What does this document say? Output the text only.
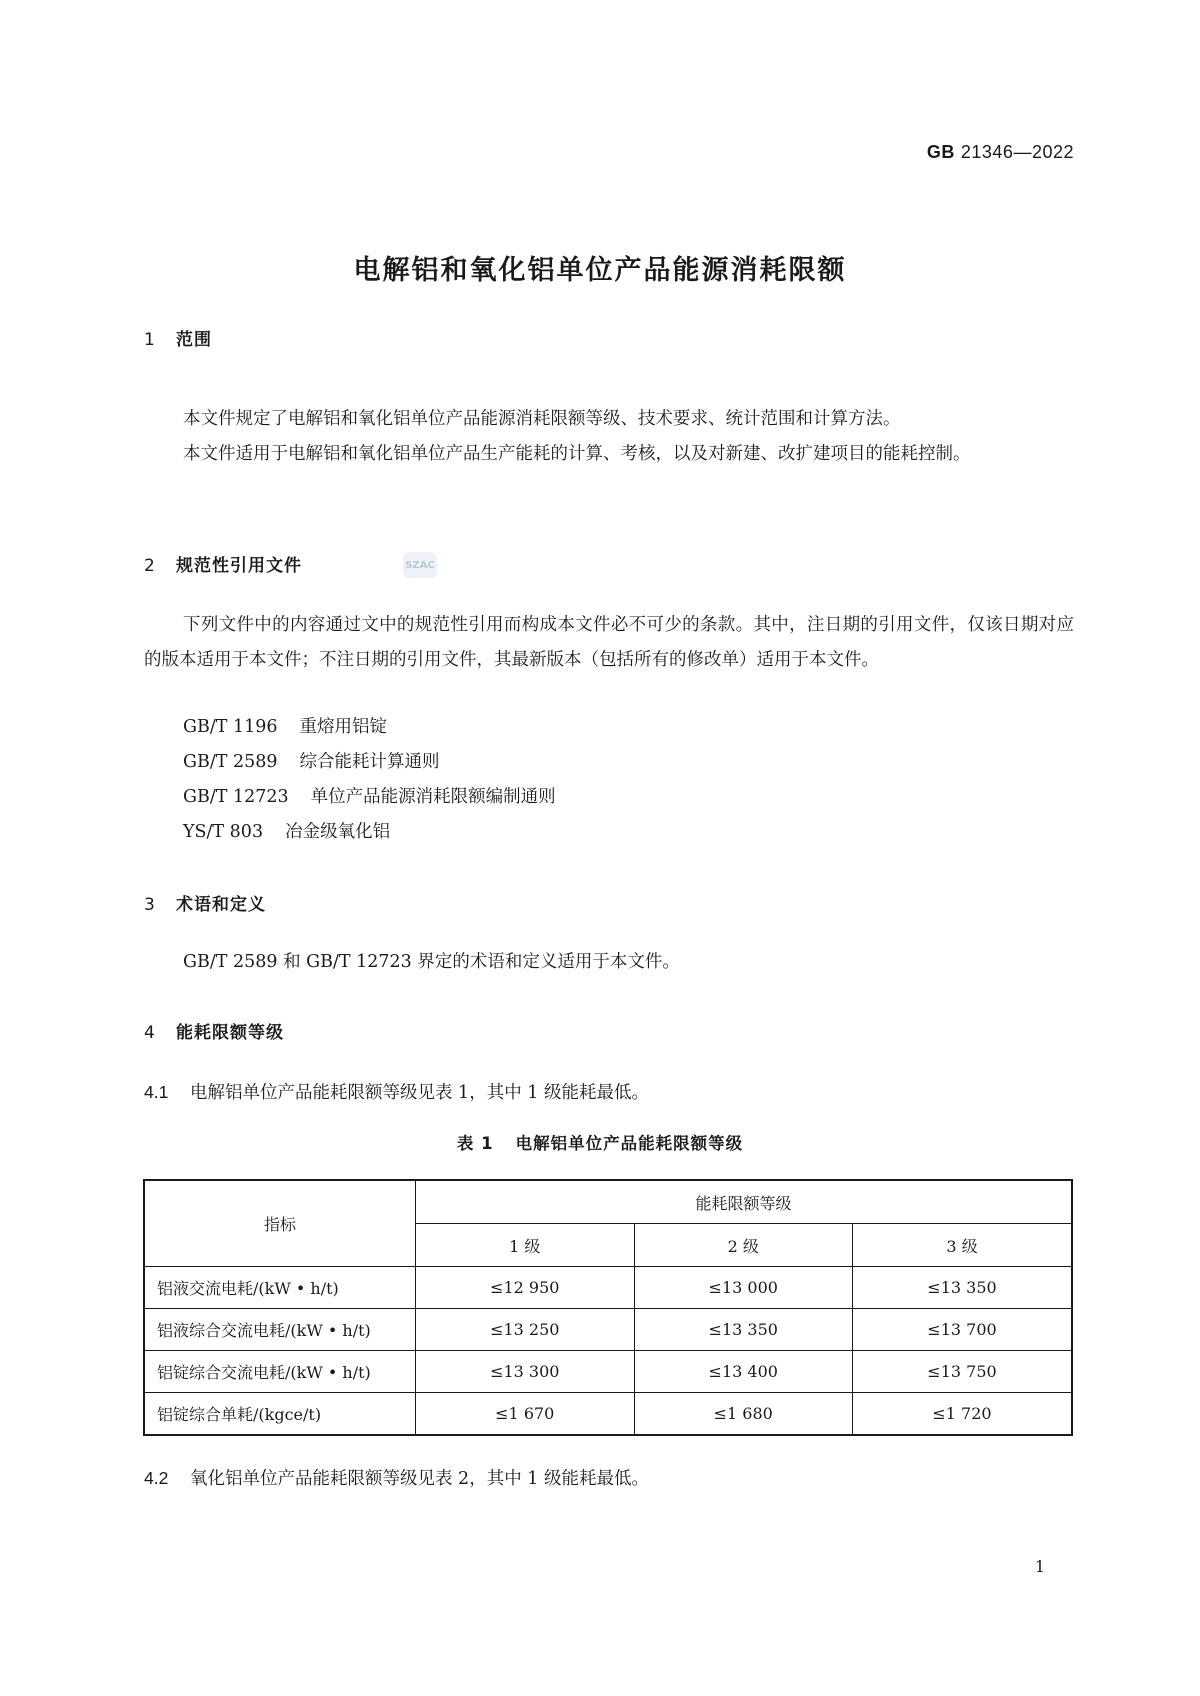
GB 21346—2022
电解铝和氧化铝单位产品能源消耗限额
1 范围
本文件规定了电解铝和氧化铝单位产品能源消耗限额等级、技术要求、统计范围和计算方法。
本文件适用于电解铝和氧化铝单位产品生产能耗的计算、考核，以及对新建、改扩建项目的能耗控制。
2 规范性引用文件	SZAC
下列文件中的内容通过文中的规范性引用而构成本文件必不可少的条款。其中，注日期的引用文件，仅该日期对应的版本适用于本文件；不注日期的引用文件，其最新版本（包括所有的修改单）适用于本文件。
GB/T 1196 重熔用铝锭
GB/T 2589 综合能耗计算通则
GB/T 12723 单位产品能源消耗限额编制通则
YS/T 803 冶金级氧化铝
3 术语和定义
GB/T 2589 和 GB/T 12723 界定的术语和定义适用于本文件。
4 能耗限额等级
4.1 电解铝单位产品能耗限额等级见表 1，其中 1 级能耗最低。
表 1 电解铝单位产品能耗限额等级
指标	能耗限额等级		
	1 级	2 级	3 级
铝液交流电耗/(kW • h/t)	≤12 950	≤13 000	≤13 350
铝液综合交流电耗/(kW • h/t)	≤13 250	≤13 350	≤13 700
铝锭综合交流电耗/(kW • h/t)	≤13 300	≤13 400	≤13 750
铝锭综合单耗/(kgce/t)	≤1 670	≤1 680	≤1 720
4.2 氧化铝单位产品能耗限额等级见表 2，其中 1 级能耗最低。
1
